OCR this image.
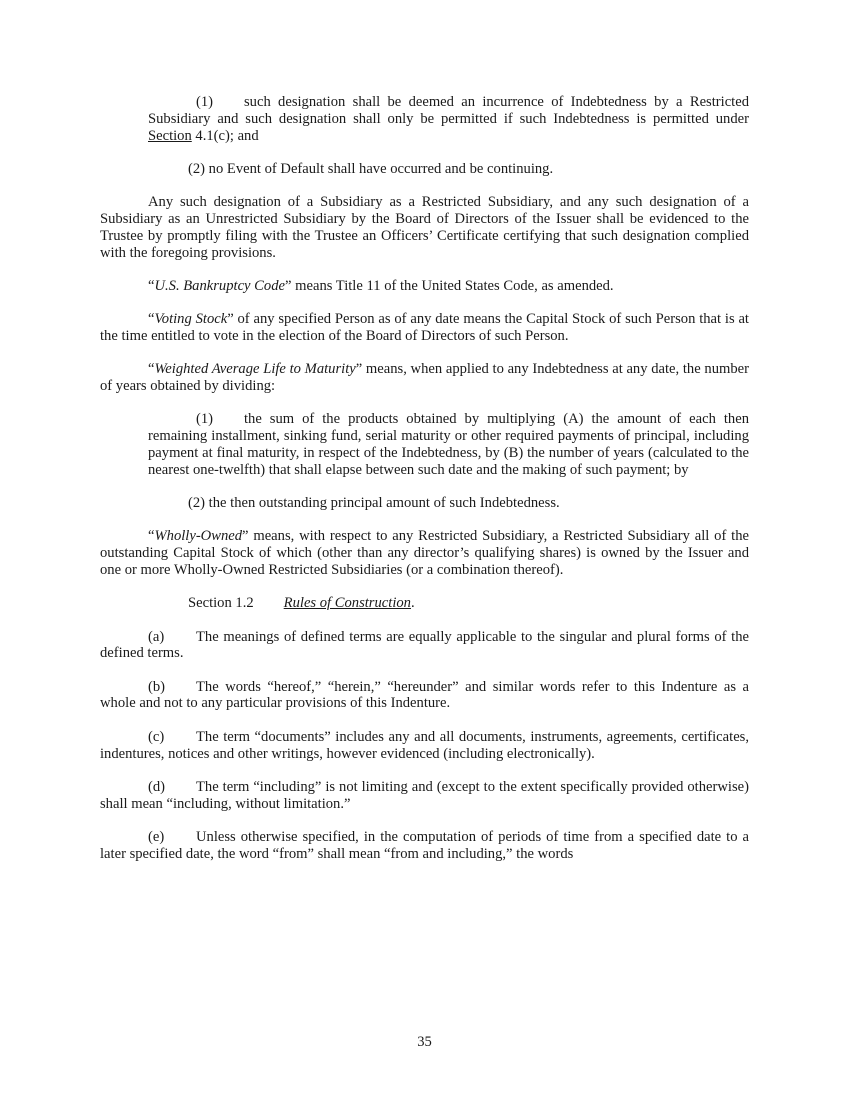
(1) such designation shall be deemed an incurrence of Indebtedness by a Restricted Subsidiary and such designation shall only be permitted if such Indebtedness is permitted under Section 4.1(c); and

(2) no Event of Default shall have occurred and be continuing.

Any such designation of a Subsidiary as a Restricted Subsidiary, and any such designation of a Subsidiary as an Unrestricted Subsidiary by the Board of Directors of the Issuer shall be evidenced to the Trustee by promptly filing with the Trustee an Officers’ Certificate certifying that such designation complied with the foregoing provisions.

“U.S. Bankruptcy Code” means Title 11 of the United States Code, as amended.

“Voting Stock” of any specified Person as of any date means the Capital Stock of such Person that is at the time entitled to vote in the election of the Board of Directors of such Person.

“Weighted Average Life to Maturity” means, when applied to any Indebtedness at any date, the number of years obtained by dividing:

(1) the sum of the products obtained by multiplying (A) the amount of each then remaining installment, sinking fund, serial maturity or other required payments of principal, including payment at final maturity, in respect of the Indebtedness, by (B) the number of years (calculated to the nearest one-twelfth) that shall elapse between such date and the making of such payment; by

(2) the then outstanding principal amount of such Indebtedness.

“Wholly-Owned” means, with respect to any Restricted Subsidiary, a Restricted Subsidiary all of the outstanding Capital Stock of which (other than any director’s qualifying shares) is owned by the Issuer and one or more Wholly-Owned Restricted Subsidiaries (or a combination thereof).

Section 1.2 Rules of Construction.

(a) The meanings of defined terms are equally applicable to the singular and plural forms of the defined terms.

(b) The words “hereof,” “herein,” “hereunder” and similar words refer to this Indenture as a whole and not to any particular provisions of this Indenture.

(c) The term “documents” includes any and all documents, instruments, agreements, certificates, indentures, notices and other writings, however evidenced (including electronically).

(d) The term “including” is not limiting and (except to the extent specifically provided otherwise) shall mean “including, without limitation.”

(e) Unless otherwise specified, in the computation of periods of time from a specified date to a later specified date, the word “from” shall mean “from and including,” the words

35
